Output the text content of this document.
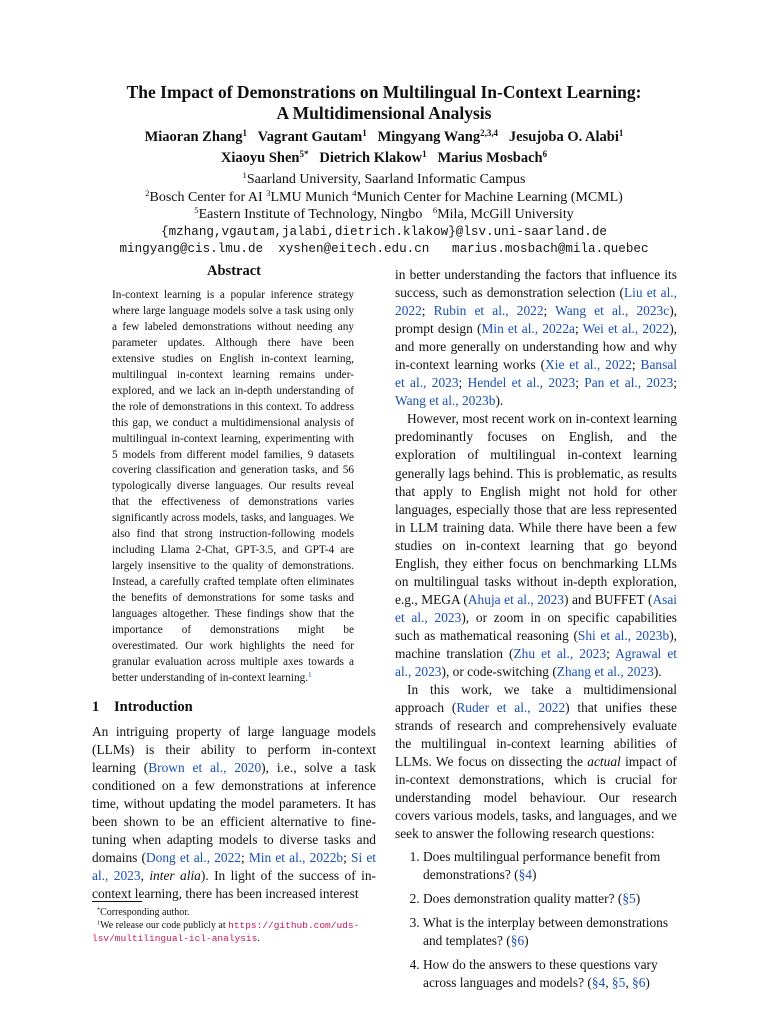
The Impact of Demonstrations on Multilingual In-Context Learning:
A Multidimensional Analysis
Miaoran Zhang$^1$ Vagrant Gautam$^1$ Mingyang Wang$^{2,3,4}$ Jesujoba O. Alabi$^1$
Xiaoyu Shen$^{5*}$ Dietrich Klakow$^1$ Marius Mosbach$^6$
$^1$Saarland University, Saarland Informatic Campus
$^2$Bosch Center for AI $^3$LMU Munich $^4$Munich Center for Machine Learning (MCML)
$^5$Eastern Institute of Technology, Ningbo $^6$Mila, McGill University
{mzhang,vgautam,jalabi,dietrich.klakow}@lsv.uni-saarland.de
mingyang@cis.lmu.de  xyshen@eitech.edu.cn   marius.mosbach@mila.quebec
Abstract
In-context learning is a popular inference strategy where large language models solve a task using only a few labeled demonstrations without needing any parameter updates. Although there have been extensive studies on English in-context learning, multilingual in-context learning remains under-explored, and we lack an in-depth understanding of the role of demonstrations in this context. To address this gap, we conduct a multidimensional analysis of multilingual in-context learning, experimenting with 5 models from different model families, 9 datasets covering classification and generation tasks, and 56 typologically diverse languages. Our results reveal that the effectiveness of demonstrations varies significantly across models, tasks, and languages. We also find that strong instruction-following models including Llama 2-Chat, GPT-3.5, and GPT-4 are largely insensitive to the quality of demonstrations. Instead, a carefully crafted template often eliminates the benefits of demonstrations for some tasks and languages altogether. These findings show that the importance of demonstrations might be overestimated. Our work highlights the need for granular evaluation across multiple axes towards a better understanding of in-context learning.$^1$
1 Introduction

An intriguing property of large language models (LLMs) is their ability to perform in-context learning (Brown et al., 2020), i.e., solve a task conditioned on a few demonstrations at inference time, without updating the model parameters. It has been shown to be an efficient alternative to fine-tuning when adapting models to diverse tasks and domains (Dong et al., 2022; Min et al., 2022b; Si et al., 2023, inter alia). In light of the success of in-context learning, there has been increased interest

in better understanding the factors that influence its success, such as demonstration selection (Liu et al., 2022; Rubin et al., 2022; Wang et al., 2023c), prompt design (Min et al., 2022a; Wei et al., 2022), and more generally on understanding how and why in-context learning works (Xie et al., 2022; Bansal et al., 2023; Hendel et al., 2023; Pan et al., 2023; Wang et al., 2023b).

However, most recent work on in-context learning predominantly focuses on English, and the exploration of multilingual in-context learning generally lags behind. This is problematic, as results that apply to English might not hold for other languages, especially those that are less represented in LLM training data. While there have been a few studies on in-context learning that go beyond English, they either focus on benchmarking LLMs on multilingual tasks without in-depth exploration, e.g., MEGA (Ahuja et al., 2023) and BUFFET (Asai et al., 2023), or zoom in on specific capabilities such as mathematical reasoning (Shi et al., 2023b), machine translation (Zhu et al., 2023; Agrawal et al., 2023), or code-switching (Zhang et al., 2023).

In this work, we take a multidimensional approach (Ruder et al., 2022) that unifies these strands of research and comprehensively evaluate the multilingual in-context learning abilities of LLMs. We focus on dissecting the actual impact of in-context demonstrations, which is crucial for understanding model behaviour. Our research covers various models, tasks, and languages, and we seek to answer the following research questions:

1. Does multilingual performance benefit from demonstrations? (§4)
2. Does demonstration quality matter? (§5)
3. What is the interplay between demonstrations and templates? (§6)
4. How do the answers to these questions vary across languages and models? (§4, §5, §6)
*Corresponding author.
$^1$We release our code publicly at https://github.com/uds-lsv/multilingual-icl-analysis.
